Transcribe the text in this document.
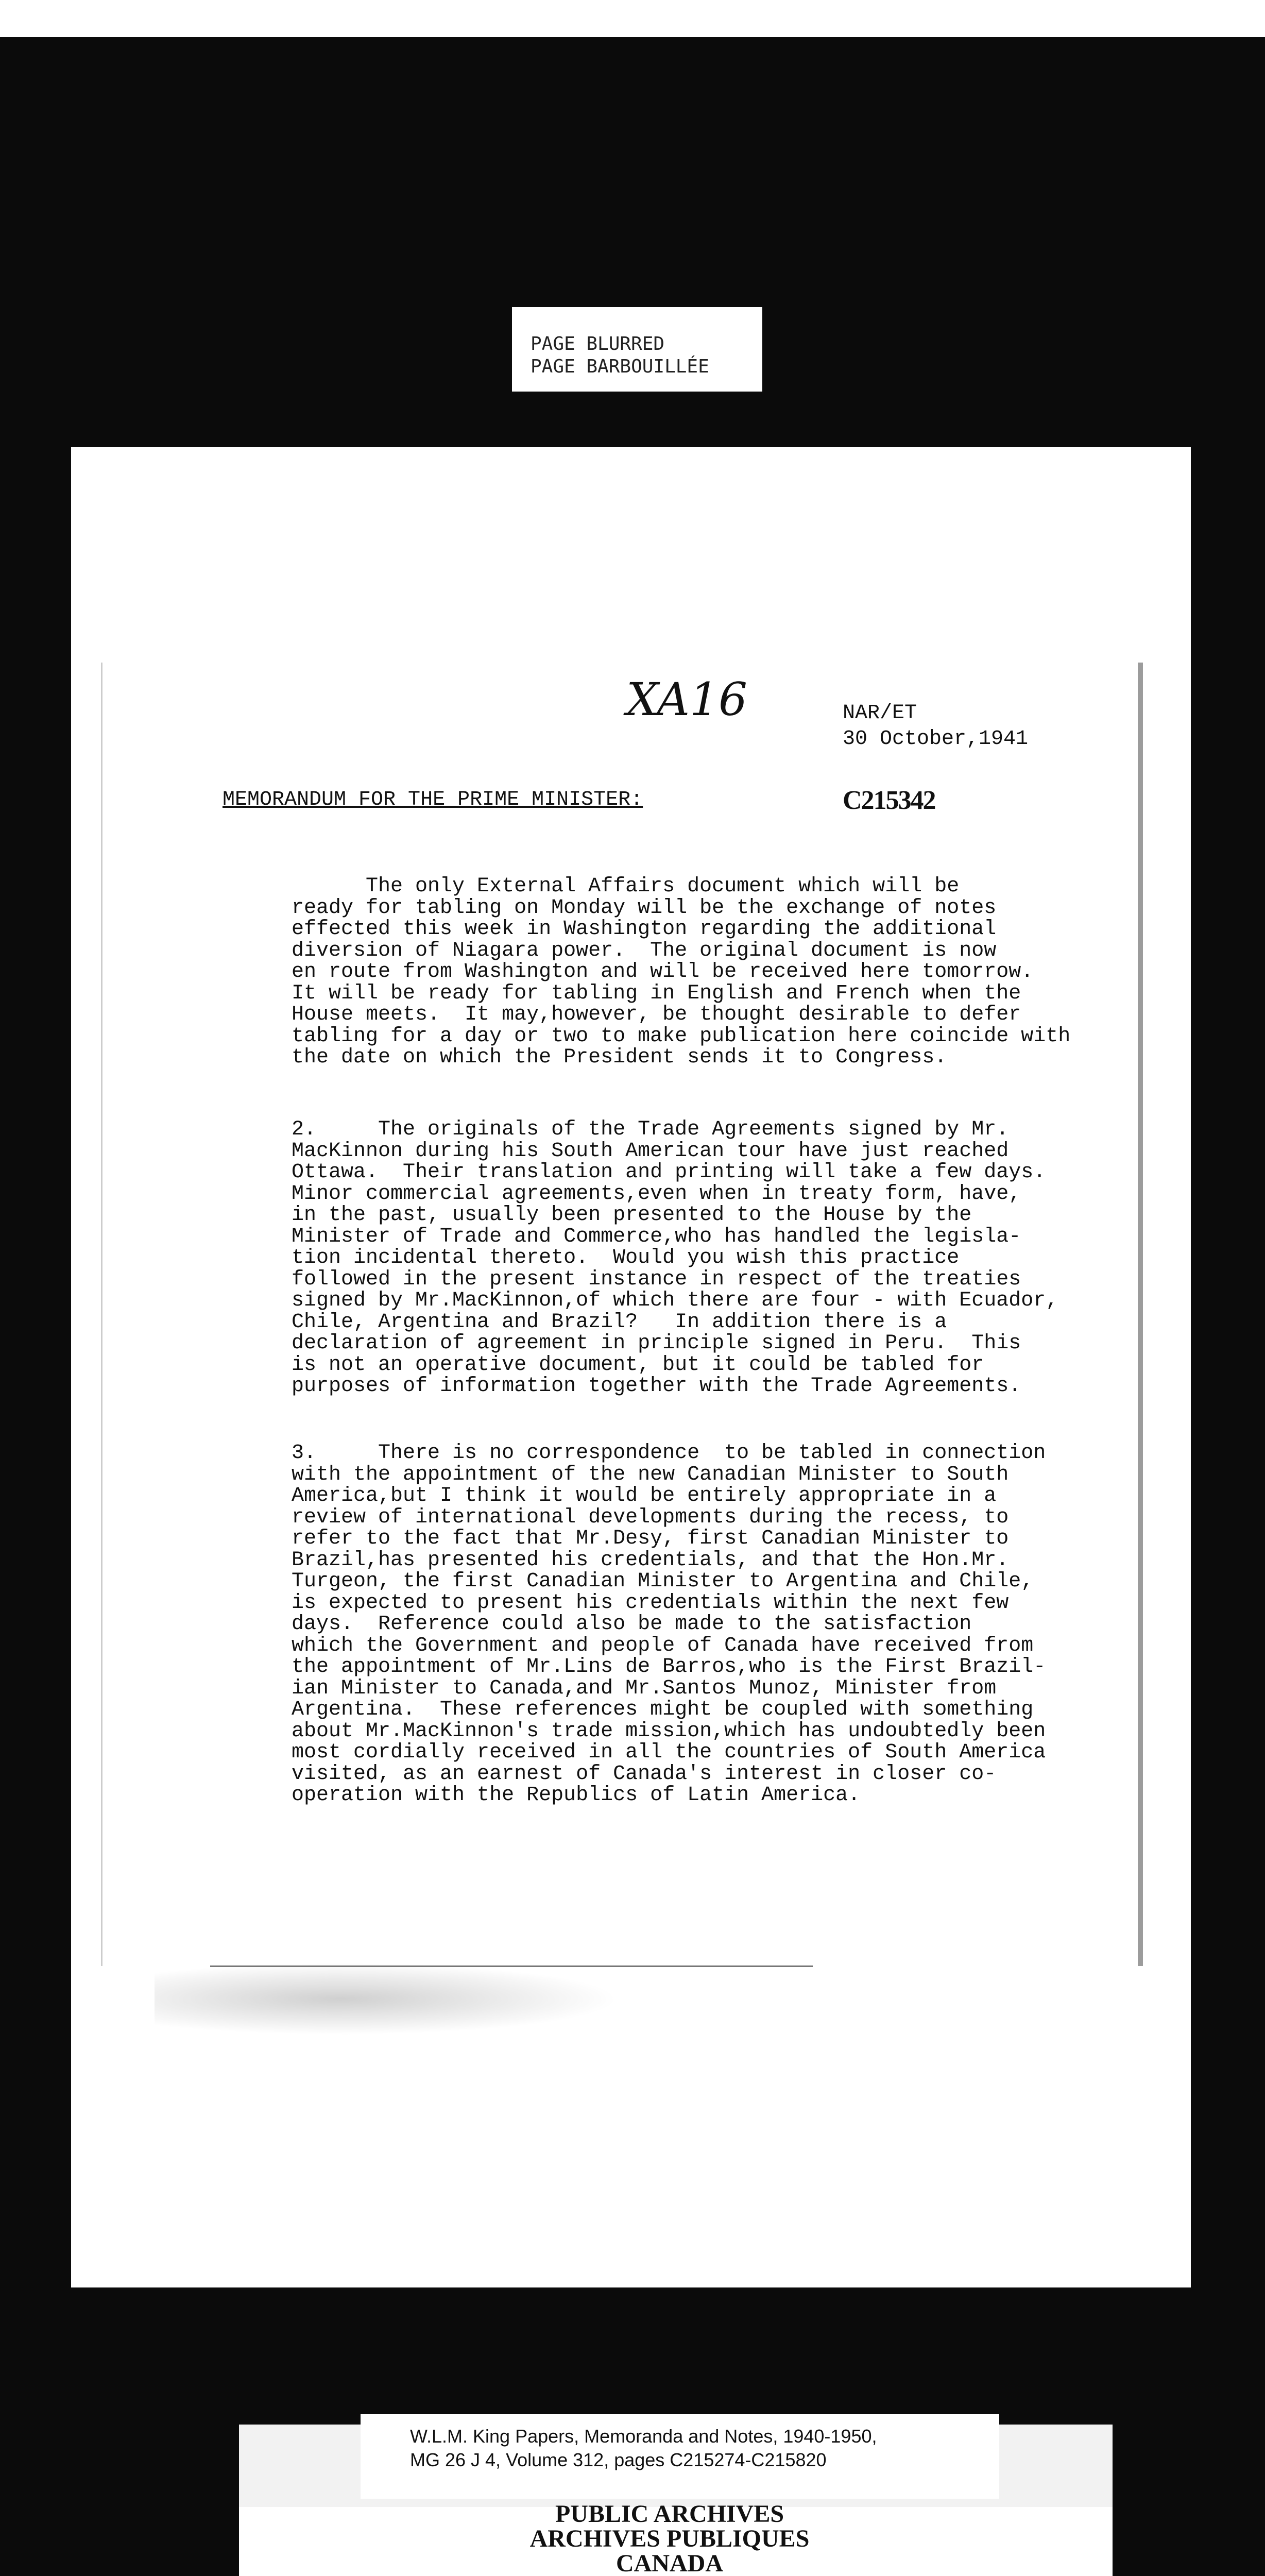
PAGE BLURRED
PAGE BARBOUILLÉE
XA16	NAR/ET
30 October,1941
MEMORANDUM FOR THE PRIME MINISTER:	C215342
The only External Affairs document which will be
ready for tabling on Monday will be the exchange of notes
effected this week in Washington regarding the additional
diversion of Niagara power.  The original document is now
en route from Washington and will be received here tomorrow.
It will be ready for tabling in English and French when the
House meets.  It may,however, be thought desirable to defer
tabling for a day or two to make publication here coincide with
the date on which the President sends it to Congress.
2.     The originals of the Trade Agreements signed by Mr.
MacKinnon during his South American tour have just reached
Ottawa.  Their translation and printing will take a few days.
Minor commercial agreements,even when in treaty form, have,
in the past, usually been presented to the House by the
Minister of Trade and Commerce,who has handled the legisla-
tion incidental thereto.  Would you wish this practice
followed in the present instance in respect of the treaties
signed by Mr.MacKinnon,of which there are four - with Ecuador,
Chile, Argentina and Brazil?   In addition there is a
declaration of agreement in principle signed in Peru.  This
is not an operative document, but it could be tabled for
purposes of information together with the Trade Agreements.
3.     There is no correspondence  to be tabled in connection
with the appointment of the new Canadian Minister to South
America,but I think it would be entirely appropriate in a
review of international developments during the recess, to
refer to the fact that Mr.Desy, first Canadian Minister to
Brazil,has presented his credentials, and that the Hon.Mr.
Turgeon, the first Canadian Minister to Argentina and Chile,
is expected to present his credentials within the next few
days.  Reference could also be made to the satisfaction
which the Government and people of Canada have received from
the appointment of Mr.Lins de Barros,who is the First Brazil-
ian Minister to Canada,and Mr.Santos Munoz, Minister from
Argentina.  These references might be coupled with something
about Mr.MacKinnon's trade mission,which has undoubtedly been
most cordially received in all the countries of South America
visited, as an earnest of Canada's interest in closer co-
operation with the Republics of Latin America.
W.L.M. King Papers, Memoranda and Notes, 1940-1950,
MG 26 J 4, Volume 312, pages C215274-C215820
PUBLIC ARCHIVES
ARCHIVES PUBLIQUES
CANADA
